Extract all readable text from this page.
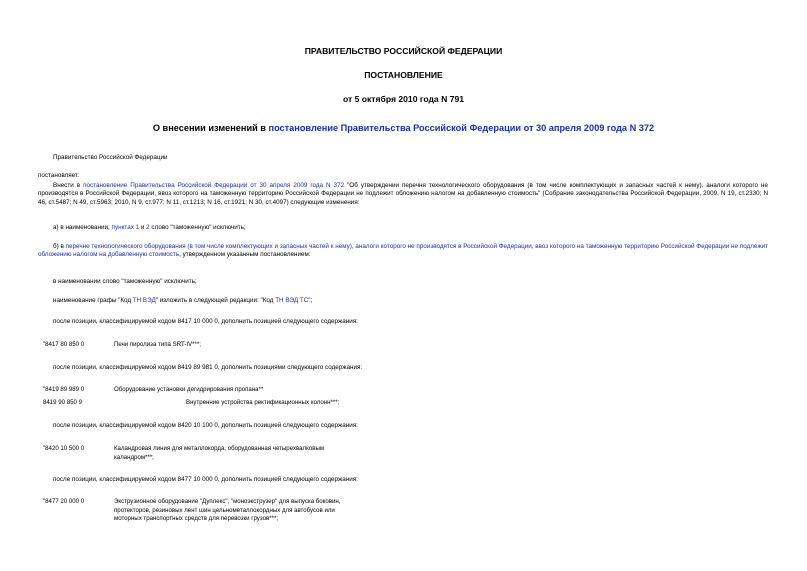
ПРАВИТЕЛЬСТВО РОССИЙСКОЙ ФЕДЕРАЦИИ
ПОСТАНОВЛЕНИЕ
от 5 октября 2010 года N 791
О внесении изменений в постановление Правительства Российской Федерации от 30 апреля 2009 года N 372
Правительство Российской Федерации
постановляет:
Внести в постановление Правительства Российской Федерации от 30 апреля 2009 года N 372 "Об утверждении перечня технологического оборудования (в том числе комплектующих и запасных частей к нему), аналоги которого не производятся в Российской Федерации, ввоз которого на таможенную территорию Российской Федерации не подлежит обложению налогом на добавленную стоимость" (Собрание законодательства Российской Федерации, 2009, N 19, ст.2330; N 46, ст.5487; N 49, ст.5963; 2010, N 9, ст.977; N 11, ст.1213; N 16, ст.1921; N 30, ст.4097) следующие изменения:
а) в наименовании, пунктах 1 и 2 слово "таможенную" исключить;
б) в перечне технологического оборудования (в том числе комплектующих и запасных частей к нему), аналоги которого не производятся в Российской Федерации, ввоз которого на таможенную территорию Российской Федерации не подлежит обложению налогом на добавленную стоимость, утвержденном указанным постановлением:
в наименовании слово "таможенную" исключить;
наименование графы "Код ТН ВЭД" изложить в следующей редакции: "Код ТН ВЭД ТС";
после позиции, классифицируемой кодом 8417 10 000 0, дополнить позицией следующего содержания:
"8417 80 850 0	Печи пиролиза типа SRT-IV***;
после позиции, классифицируемой кодом 8419 89 981 0, дополнить позициями следующего содержания:
"8419 89 989 0	Оборудование установки дегидрирования пропана**
8419 90 850 9	Внутренние устройства ректификационных колонн***;
после позиции, классифицируемой кодом 8420 10 100 0, дополнить позицией следующего содержания:
"8420 10 500 0	Каландровая линия для металлокорда, оборудованная четырехвалковым каландром***;
после позиции, классифицируемой кодом 8477 10 000 0, дополнить позицией следующего содержания:
"8477 20 000 0	Экструзионное оборудование "Дуплекс", "монoэкструзер" для выпуска боковин, протекторов, резиновых лент шин цельнометаллокордных для автобусов или моторных транспортных средств для перевозки грузов***;
